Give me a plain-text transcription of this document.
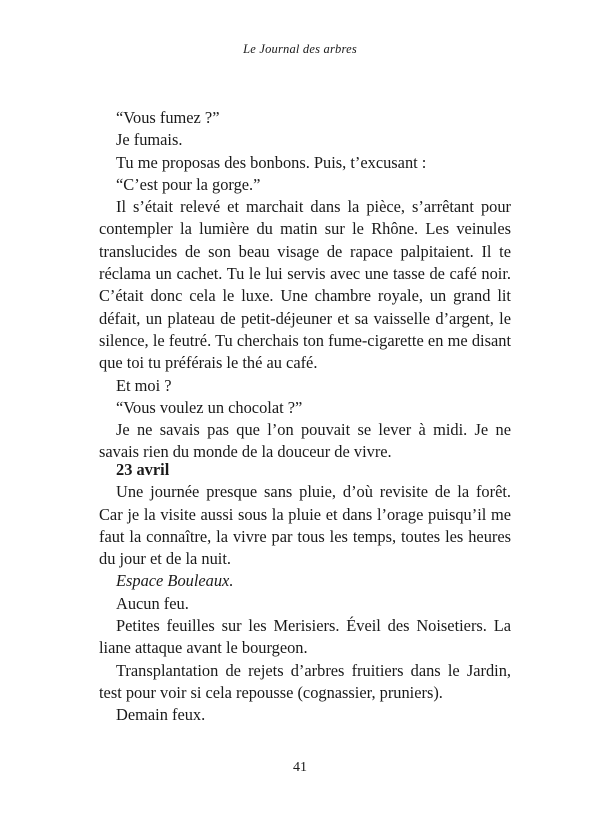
Le Journal des arbres

“Vous fumez ?”

Je fumais.

Tu me proposas des bonbons. Puis, t’excusant :

“C’est pour la gorge.”

Il s’était relevé et marchait dans la pièce, s’arrêtant pour contempler la lumière du matin sur le Rhône. Les veinules translucides de son beau visage de rapace palpitaient. Il te réclama un cachet. Tu le lui servis avec une tasse de café noir. C’était donc cela le luxe. Une chambre royale, un grand lit défait, un plateau de petit-déjeuner et sa vaisselle d’argent, le silence, le feutré. Tu cherchais ton fume-cigarette en me disant que toi tu préférais le thé au café.

Et moi ?

“Vous voulez un chocolat ?”

Je ne savais pas que l’on pouvait se lever à midi. Je ne savais rien du monde de la douceur de vivre.

23 avril

Une journée presque sans pluie, d’où revisite de la forêt. Car je la visite aussi sous la pluie et dans l’orage puisqu’il me faut la connaître, la vivre par tous les temps, toutes les heures du jour et de la nuit.

Espace Bouleaux.

Aucun feu.

Petites feuilles sur les Merisiers. Éveil des Noisetiers. La liane attaque avant le bourgeon.

Transplantation de rejets d’arbres fruitiers dans le Jardin, test pour voir si cela repousse (cognassier, pruniers).

Demain feux.

41
